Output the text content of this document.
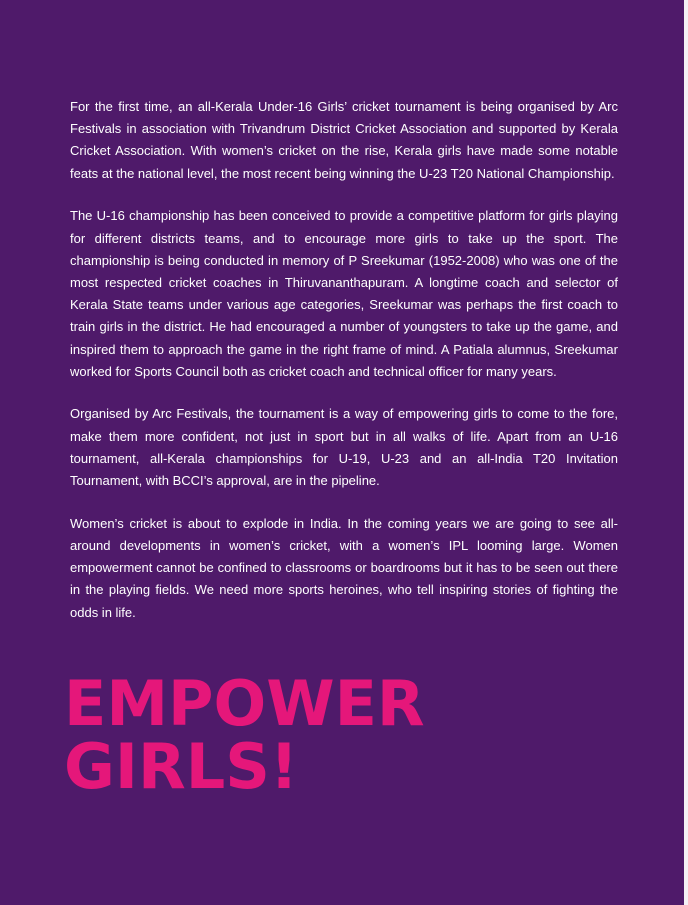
For the first time, an all-Kerala Under-16 Girls’ cricket tournament is being organised by Arc Festivals in association with Trivandrum District Cricket Association and supported by Kerala Cricket Association. With women’s cricket on the rise, Kerala girls have made some notable feats at the national level, the most recent being winning the U-23 T20 National Championship.

The U-16 championship has been conceived to provide a competitive platform for girls playing for different districts teams, and to encourage more girls to take up the sport. The championship is being conducted in memory of P Sreekumar (1952-2008) who was one of the most respected cricket coaches in Thiruvananthapuram. A longtime coach and selector of Kerala State teams under various age categories, Sreekumar was perhaps the first coach to train girls in the district. He had encouraged a number of youngsters to take up the game, and inspired them to approach the game in the right frame of mind. A Patiala alumnus, Sreekumar worked for Sports Council both as cricket coach and technical officer for many years.

Organised by Arc Festivals, the tournament is a way of empowering girls to come to the fore, make them more confident, not just in sport but in all walks of life. Apart from an U-16 tournament, all-Kerala championships for U-19, U-23 and an all-India T20 Invitation Tournament, with BCCI’s approval, are in the pipeline.

Women’s cricket is about to explode in India. In the coming years we are going to see all-around developments in women’s cricket, with a women’s IPL looming large. Women empowerment cannot be confined to classrooms or boardrooms but it has to be seen out there in the playing fields. We need more sports heroines, who tell inspiring stories of fighting the odds in life.

EMPOWER
GIRLS!
